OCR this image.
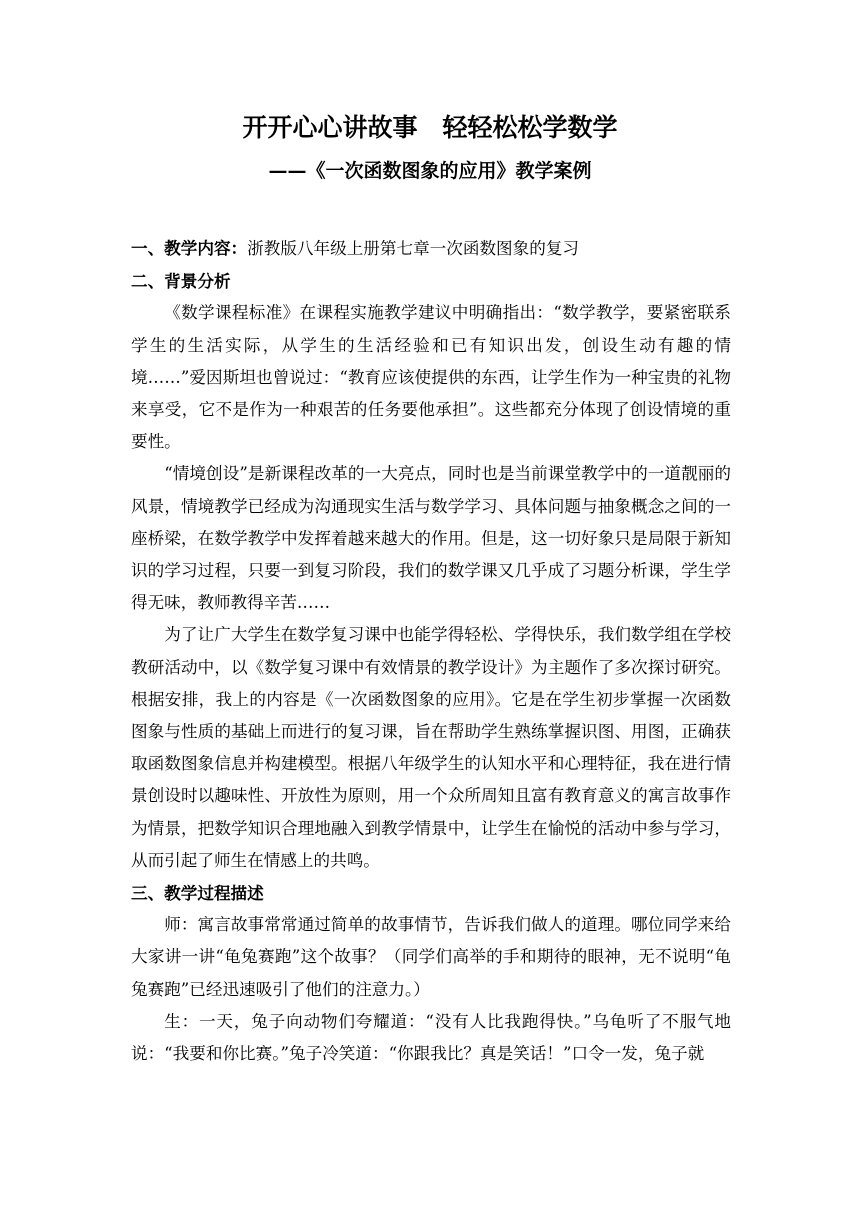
开开心心讲故事　轻轻松松学数学
——《一次函数图象的应用》教学案例

一、教学内容：浙教版八年级上册第七章一次函数图象的复习

二、背景分析

《数学课程标准》在课程实施教学建议中明确指出：“数学教学，要紧密联系学生的生活实际，从学生的生活经验和已有知识出发，创设生动有趣的情境……”爱因斯坦也曾说过：“教育应该使提供的东西，让学生作为一种宝贵的礼物来享受，它不是作为一种艰苦的任务要他承担”。这些都充分体现了创设情境的重要性。

“情境创设”是新课程改革的一大亮点，同时也是当前课堂教学中的一道靓丽的风景，情境教学已经成为沟通现实生活与数学学习、具体问题与抽象概念之间的一座桥梁，在数学教学中发挥着越来越大的作用。但是，这一切好象只是局限于新知识的学习过程，只要一到复习阶段，我们的数学课又几乎成了习题分析课，学生学得无味，教师教得辛苦……

为了让广大学生在数学复习课中也能学得轻松、学得快乐，我们数学组在学校教研活动中，以《数学复习课中有效情景的教学设计》为主题作了多次探讨研究。根据安排，我上的内容是《一次函数图象的应用》。它是在学生初步掌握一次函数图象与性质的基础上而进行的复习课，旨在帮助学生熟练掌握识图、用图，正确获取函数图象信息并构建模型。根据八年级学生的认知水平和心理特征，我在进行情景创设时以趣味性、开放性为原则，用一个众所周知且富有教育意义的寓言故事作为情景，把数学知识合理地融入到教学情景中，让学生在愉悦的活动中参与学习，从而引起了师生在情感上的共鸣。

三、教学过程描述

师：寓言故事常常通过简单的故事情节，告诉我们做人的道理。哪位同学来给大家讲一讲“龟兔赛跑”这个故事？（同学们高举的手和期待的眼神，无不说明“龟兔赛跑”已经迅速吸引了他们的注意力。）

生：一天，兔子向动物们夸耀道：“没有人比我跑得快。”乌龟听了不服气地说：“我要和你比赛。”兔子冷笑道：“你跟我比？真是笑话！”口令一发，兔子就
